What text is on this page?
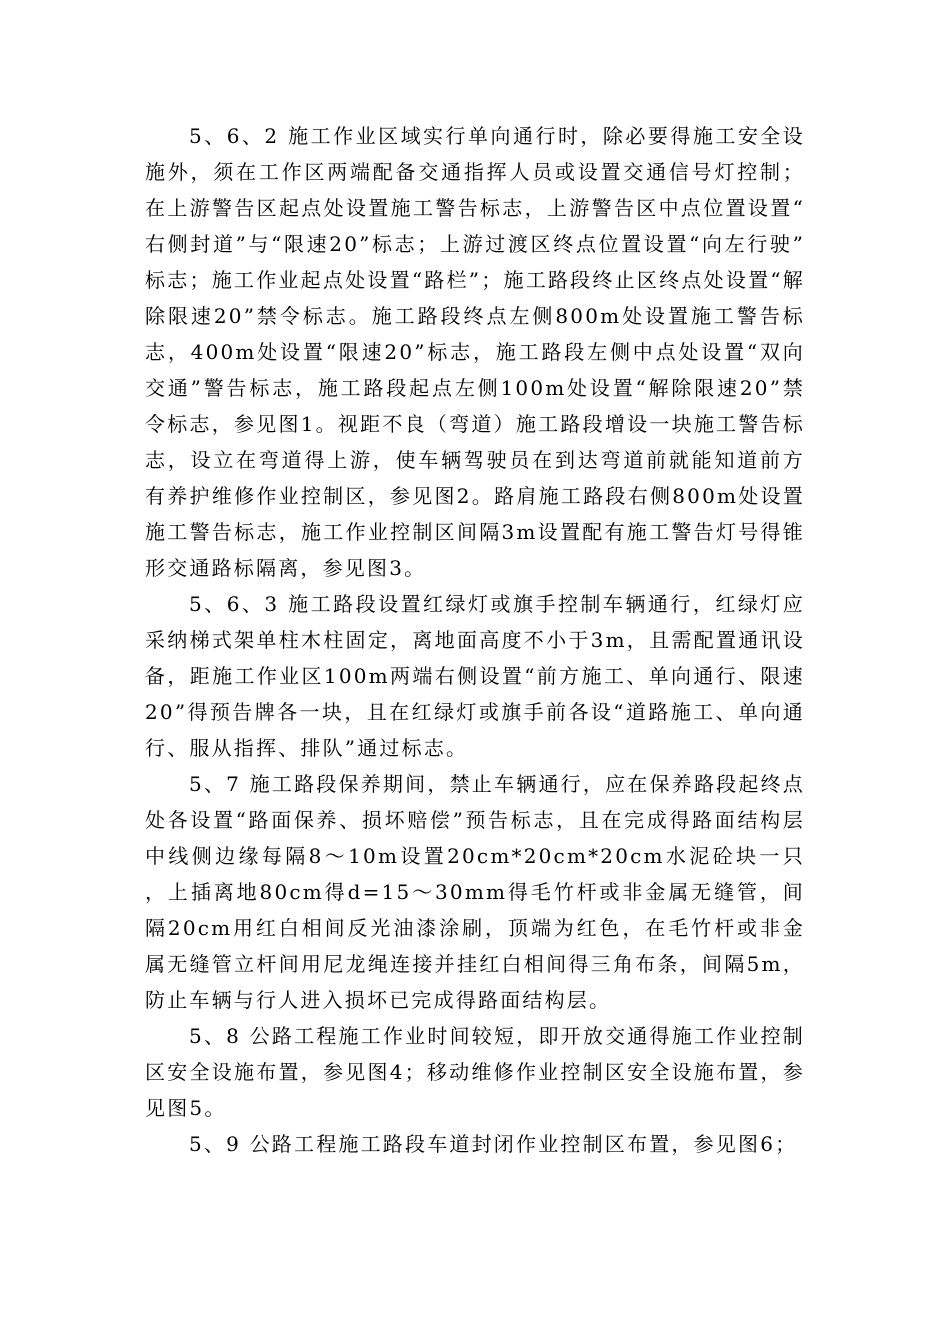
5、6、2 施工作业区域实行单向通行时，除必要得施工安全设施外，须在工作区两端配备交通指挥人员或设置交通信号灯控制；在上游警告区起点处设置施工警告标志，上游警告区中点位置设置“右侧封道”与“限速20”标志；上游过渡区终点位置设置“向左行驶”标志；施工作业起点处设置“路栏”；施工路段终止区终点处设置“解除限速20”禁令标志。施工路段终点左侧800m处设置施工警告标志，400m处设置“限速20”标志，施工路段左侧中点处设置“双向交通”警告标志，施工路段起点左侧100m处设置“解除限速20”禁令标志，参见图1。视距不良（弯道）施工路段增设一块施工警告标志，设立在弯道得上游，使车辆驾驶员在到达弯道前就能知道前方有养护维修作业控制区，参见图2。路肩施工路段右侧800m处设置施工警告标志，施工作业控制区间隔3m设置配有施工警告灯号得锥形交通路标隔离，参见图3。

5、6、3 施工路段设置红绿灯或旗手控制车辆通行，红绿灯应采纳梯式架单柱木柱固定，离地面高度不小于3m，且需配置通讯设备，距施工作业区100m两端右侧设置“前方施工、单向通行、限速20”得预告牌各一块，且在红绿灯或旗手前各设“道路施工、单向通行、服从指挥、排队”通过标志。

5、7 施工路段保养期间，禁止车辆通行，应在保养路段起终点处各设置“路面保养、损坏赔偿”预告标志，且在完成得路面结构层中线侧边缘每隔8～10m设置20cm*20cm*20cm水泥砼块一只，上插离地80cm得d=15～30mm得毛竹杆或非金属无缝管，间隔20cm用红白相间反光油漆涂刷，顶端为红色，在毛竹杆或非金属无缝管立杆间用尼龙绳连接并挂红白相间得三角布条，间隔5m，防止车辆与行人进入损坏已完成得路面结构层。

5、8 公路工程施工作业时间较短，即开放交通得施工作业控制区安全设施布置，参见图4；移动维修作业控制区安全设施布置，参见图5。

5、9 公路工程施工路段车道封闭作业控制区布置，参见图6；
